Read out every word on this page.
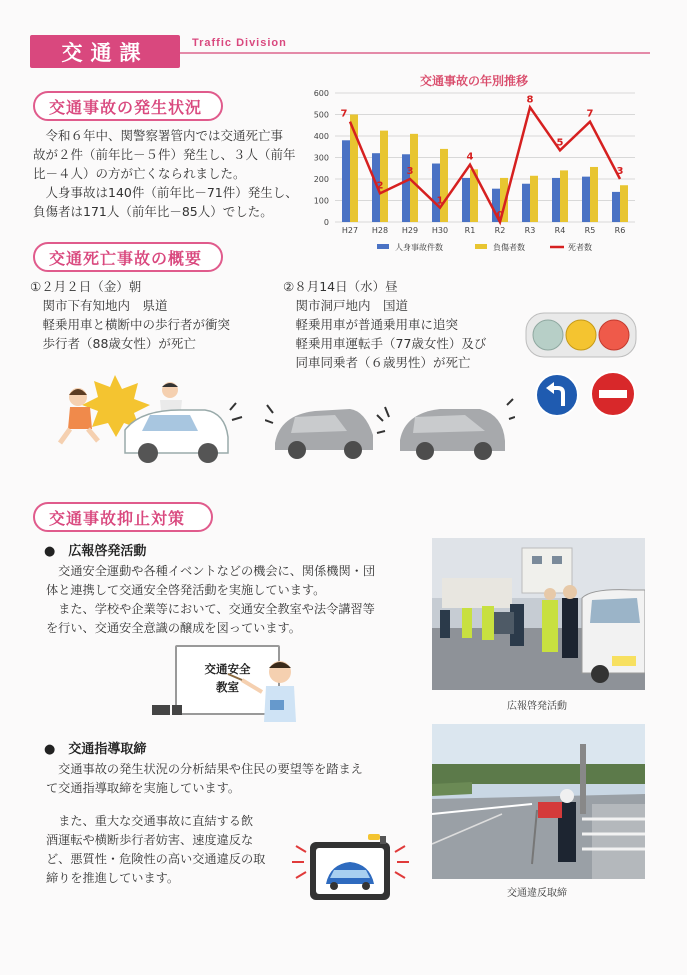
交通課	Traffic Division
交通事故の発生状況

　令和６年中、関警察署管内では交通死亡事

故が２件（前年比－５件）発生し、３人（前年

比－４人）の方が亡くなられました。

　人身事故は140件（前年比－71件）発生し、

負傷者は171人（前年比－85人）でした。

交通事故の年別推移
0
100
200
300
400
500
600
H27 H28 H29 H30 R1 R2 R3 R4 R5 R6
7
2
3
1
4
0
8
5
7
3
人身事故件数	負傷者数	死者数
交通死亡事故の概要
①２月２日（金）朝
　関市下有知地内　県道
　軽乗用車と横断中の歩行者が衝突
　歩行者（88歳女性）が死亡
②８月14日（水）昼
　関市洞戸地内　国道
　軽乗用車が普通乗用車に追突
　軽乗用車運転手（77歳女性）及び
　同車同乗者（６歳男性）が死亡
交通事故抑止対策
●　広報啓発活動

　交通安全運動や各種イベントなどの機会に、関係機関・団

体と連携して交通安全啓発活動を実施しています。

　また、学校や企業等において、交通安全教室や法令講習等

を行い、交通安全意識の醸成を図っています。

交通安全
教室
広報啓発活動
●　交通指導取締

　交通事故の発生状況の分析結果や住民の要望等を踏まえ

て交通指導取締を実施しています。

　また、重大な交通事故に直結する飲

酒運転や横断歩行者妨害、速度違反な

ど、悪質性・危険性の高い交通違反の取

締りを推進しています。

交通違反取締
